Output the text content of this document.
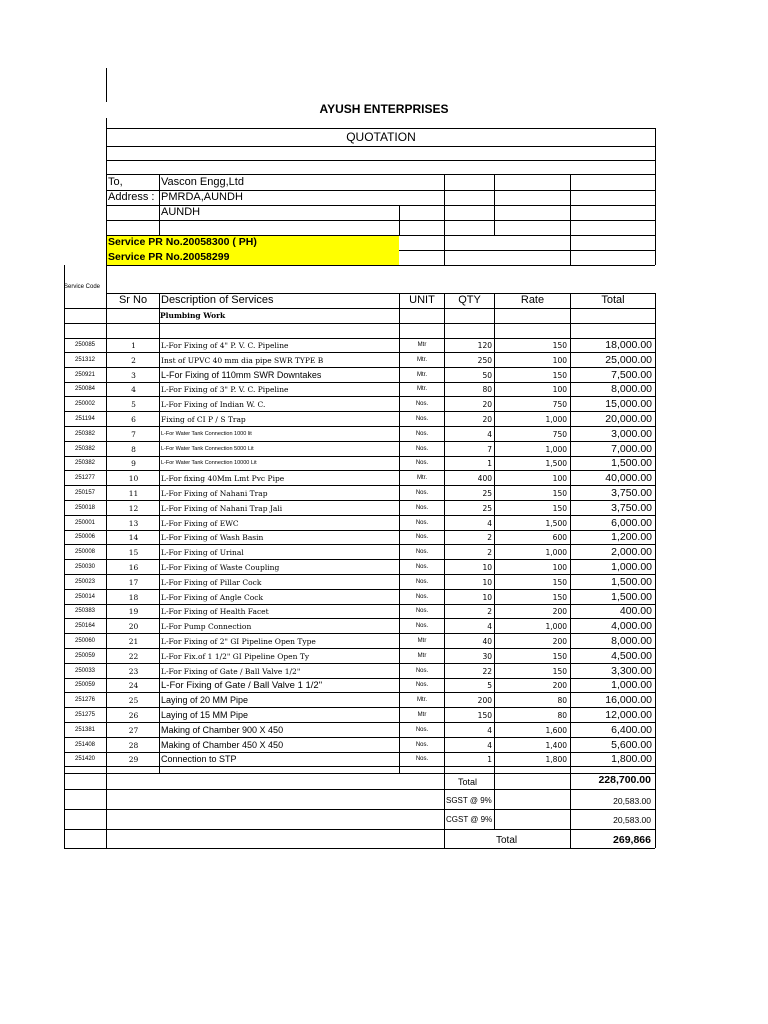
AYUSH ENTERPRISES
QUOTATION
To,	Vascon Engg,Ltd
Address : PMRDA,AUNDH
AUNDH
Service PR No.20058300 ( PH)
Service PR No.20058299
Service Code
Sr No	Description of Services	UNIT	QTY	Rate	Total
Plumbing Work
250085	1	L-For Fixing of 4" P. V. C. Pipeline	Mtr	120	150	18,000.00
251312	2	Inst of UPVC 40 mm dia pipe SWR TYPE B	Mtr.	250	100	25,000.00
250921	3	L-For Fixing of 110mm SWR Downtakes	Mtr.	50	150	7,500.00
250084	4	L-For Fixing of 3" P. V. C. Pipeline	Mtr.	80	100	8,000.00
250002	5	L-For Fixing of Indian W. C.	Nos.	20	750	15,000.00
251194	6	Fixing of CI P / S Trap	Nos.	20	1,000	20,000.00
250382	7	L-For Water Tank Connection 1000 lit	Nos.	4	750	3,000.00
250382	8	L-For Water Tank Connection 5000 Lit	Nos.	7	1,000	7,000.00
250382	9	L-For Water Tank Connection 10000 Lit	Nos.	1	1,500	1,500.00
251277	10	L-For fixing 40Mm Lmt Pvc Pipe	Mtr.	400	100	40,000.00
250157	11	L-For Fixing of Nahani Trap	Nos.	25	150	3,750.00
250018	12	L-For Fixing of Nahani Trap Jali	Nos.	25	150	3,750.00
250001	13	L-For Fixing of EWC	Nos.	4	1,500	6,000.00
250006	14	L-For Fixing of Wash Basin	Nos.	2	600	1,200.00
250008	15	L-For Fixing of Urinal	Nos.	2	1,000	2,000.00
250030	16	L-For Fixing of Waste Coupling	Nos.	10	100	1,000.00
250023	17	L-For Fixing of Pillar Cock	Nos.	10	150	1,500.00
250014	18	L-For Fixing of Angle Cock	Nos.	10	150	1,500.00
250383	19	L-For Fixing of Health Facet	Nos.	2	200	400.00
250164	20	L-For Pump Connection	Nos.	4	1,000	4,000.00
250060	21	L-For Fixing of 2" GI Pipeline Open Type	Mtr	40	200	8,000.00
250059	22	L-For Fix.of 1 1/2" GI Pipeline Open Ty	Mtr	30	150	4,500.00
250033	23	L-For Fixing of Gate / Ball Valve 1/2"	Nos.	22	150	3,300.00
250059	24	L-For Fixing of Gate / Ball Valve 1 1/2"	Nos.	5	200	1,000.00
251276	25	Laying of 20 MM Pipe	Mtr.	200	80	16,000.00
251275	26	Laying of 15 MM Pipe	Mtr	150	80	12,000.00
251381	27	Making of Chamber 900 X 450	Nos.	4	1,600	6,400.00
251408	28	Making of Chamber 450 X 450	Nos.	4	1,400	5,600.00
251420	29	Connection to STP	Nos.	1	1,800	1,800.00
Total	228,700.00
SGST @ 9%	20,583.00
CGST @ 9%	20,583.00
Total	269,866
